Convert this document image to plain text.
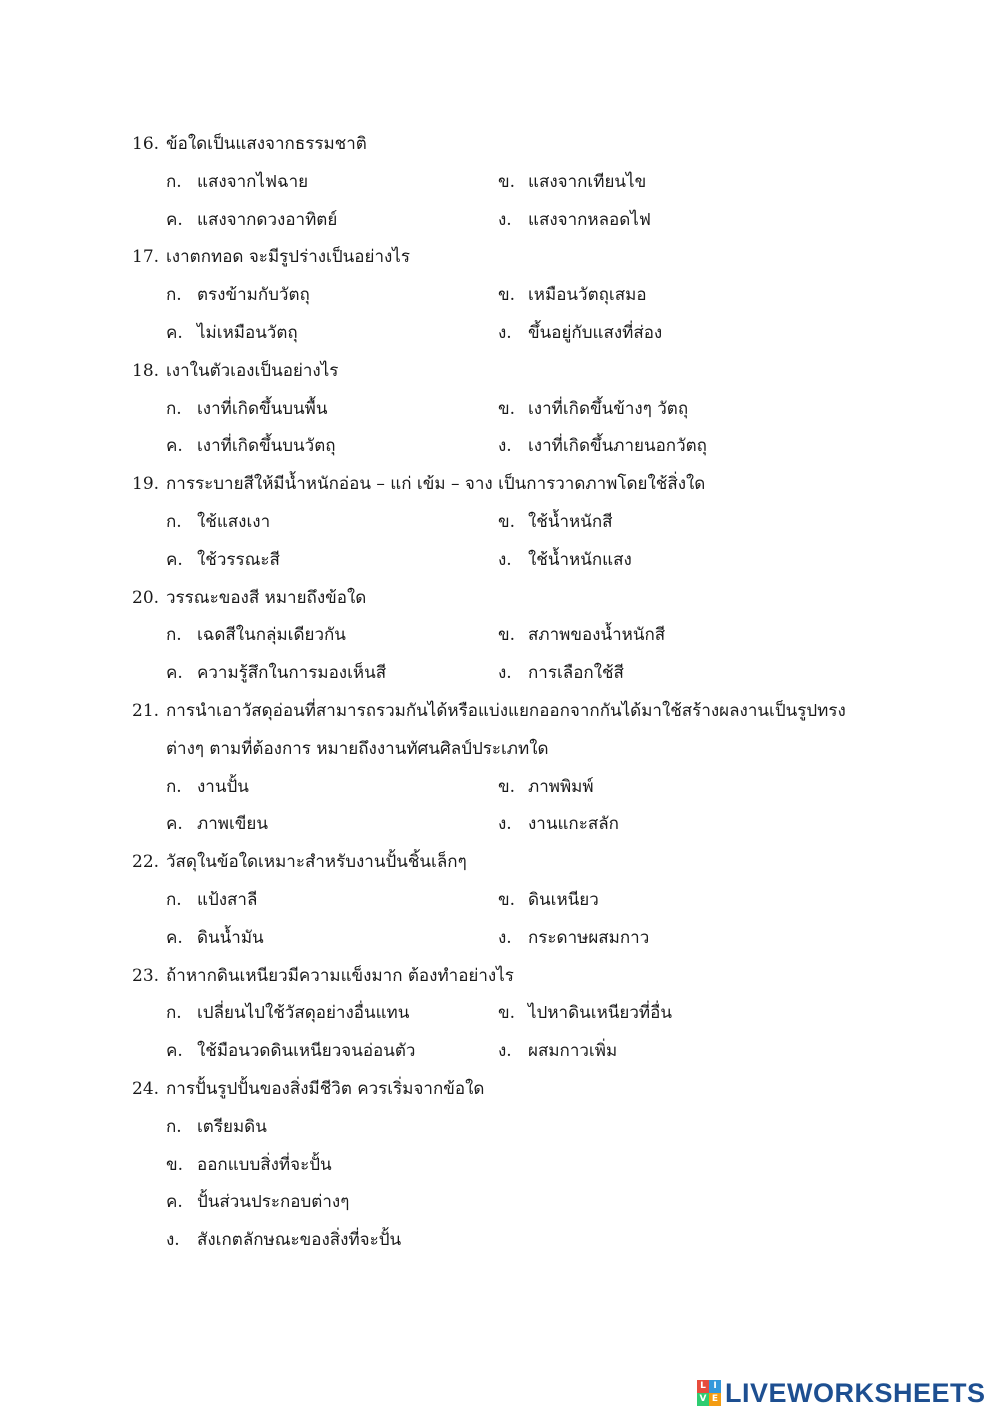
16. ข้อใดเป็นแสงจากธรรมชาติ
ก. แสงจากไฟฉาย	ข. แสงจากเทียนไข
ค. แสงจากดวงอาทิตย์	ง. แสงจากหลอดไฟ
17. เงาตกทอด จะมีรูปร่างเป็นอย่างไร
ก. ตรงข้ามกับวัตถุ	ข. เหมือนวัตถุเสมอ
ค. ไม่เหมือนวัตถุ	ง. ขึ้นอยู่กับแสงที่ส่อง
18. เงาในตัวเองเป็นอย่างไร
ก. เงาที่เกิดขึ้นบนพื้น	ข. เงาที่เกิดขึ้นข้างๆ วัตถุ
ค. เงาที่เกิดขึ้นบนวัตถุ	ง. เงาที่เกิดขึ้นภายนอกวัตถุ
19. การระบายสีให้มีน้ำหนักอ่อน – แก่ เข้ม – จาง เป็นการวาดภาพโดยใช้สิ่งใด
ก. ใช้แสงเงา	ข. ใช้น้ำหนักสี
ค. ใช้วรรณะสี	ง. ใช้น้ำหนักแสง
20. วรรณะของสี หมายถึงข้อใด
ก. เฉดสีในกลุ่มเดียวกัน	ข. สภาพของน้ำหนักสี
ค. ความรู้สึกในการมองเห็นสี	ง. การเลือกใช้สี
21. การนำเอาวัสดุอ่อนที่สามารถรวมกันได้หรือแบ่งแยกออกจากกันได้มาใช้สร้างผลงานเป็นรูปทรง
ต่างๆ ตามที่ต้องการ หมายถึงงานทัศนศิลป์ประเภทใด
ก. งานปั้น	ข. ภาพพิมพ์
ค. ภาพเขียน	ง. งานแกะสลัก
22. วัสดุในข้อใดเหมาะสำหรับงานปั้นชิ้นเล็กๆ
ก. แป้งสาลี	ข. ดินเหนียว
ค. ดินน้ำมัน	ง. กระดาษผสมกาว
23. ถ้าหากดินเหนียวมีความแข็งมาก ต้องทำอย่างไร
ก. เปลี่ยนไปใช้วัสดุอย่างอื่นแทน	ข. ไปหาดินเหนียวที่อื่น
ค. ใช้มือนวดดินเหนียวจนอ่อนตัว	ง. ผสมกาวเพิ่ม
24. การปั้นรูปปั้นของสิ่งมีชีวิต ควรเริ่มจากข้อใด
ก. เตรียมดิน
ข. ออกแบบสิ่งที่จะปั้น
ค. ปั้นส่วนประกอบต่างๆ
ง. สังเกตลักษณะของสิ่งที่จะปั้น
L I
V E LIVEWORKSHEETS
